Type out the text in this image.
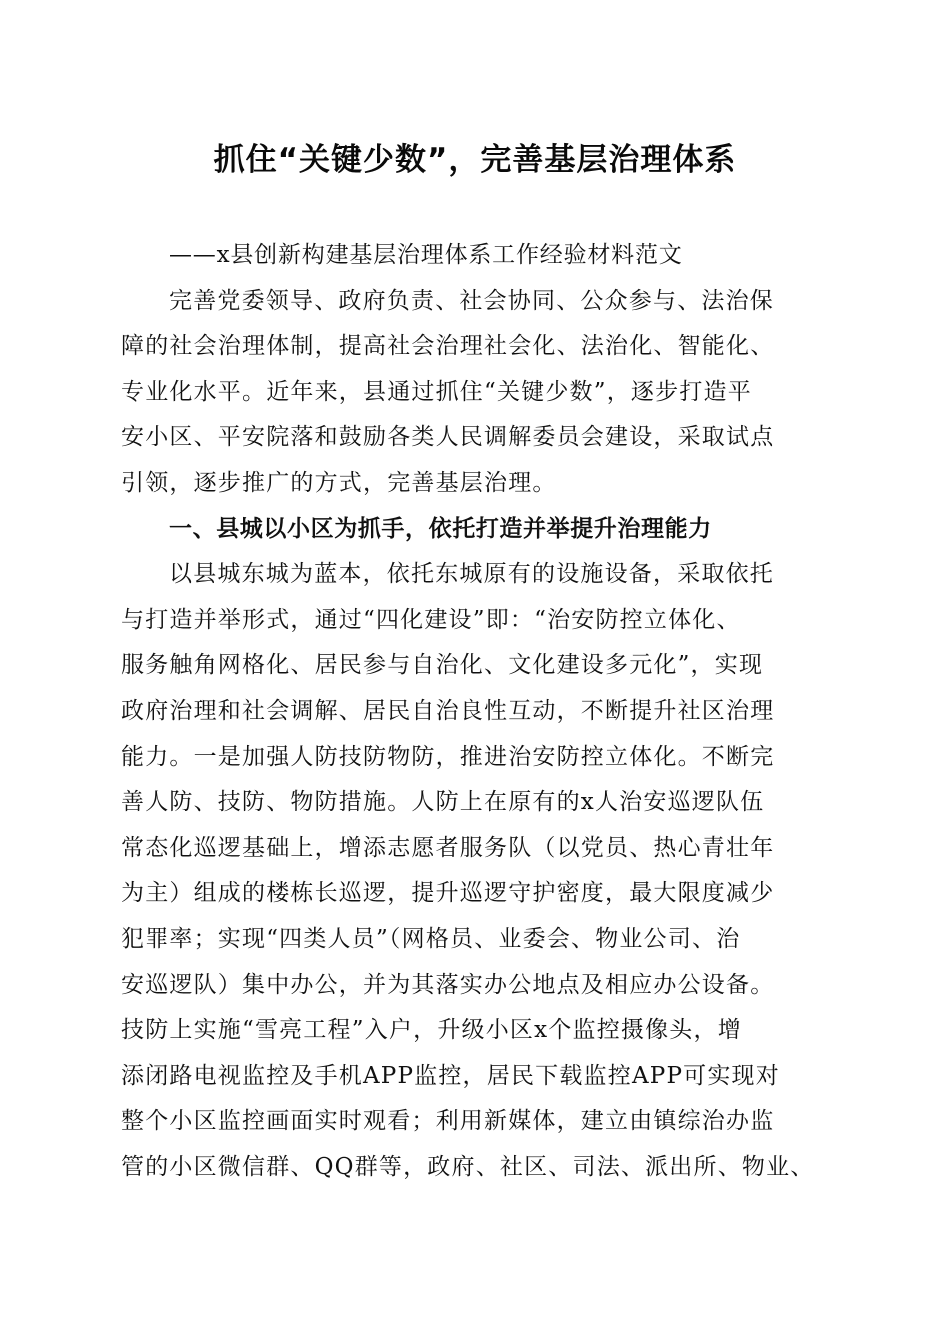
抓住“关键少数”，完善基层治理体系
——x县创新构建基层治理体系工作经验材料范文
完善党委领导、政府负责、社会协同、公众参与、法治保
障的社会治理体制，提高社会治理社会化、法治化、智能化、
专业化水平。近年来，县通过抓住“关键少数”，逐步打造平
安小区、平安院落和鼓励各类人民调解委员会建设，采取试点
引领，逐步推广的方式，完善基层治理。
一、县城以小区为抓手，依托打造并举提升治理能力
以县城东城为蓝本，依托东城原有的设施设备，采取依托
与打造并举形式，通过“四化建设”即：“治安防控立体化、
服务触角网格化、居民参与自治化、文化建设多元化”，实现
政府治理和社会调解、居民自治良性互动，不断提升社区治理
能力。一是加强人防技防物防，推进治安防控立体化。不断完
善人防、技防、物防措施。人防上在原有的x人治安巡逻队伍
常态化巡逻基础上，增添志愿者服务队（以党员、热心青壮年
为主）组成的楼栋长巡逻，提升巡逻守护密度，最大限度减少
犯罪率；实现“四类人员”（网格员、业委会、物业公司、治
安巡逻队）集中办公，并为其落实办公地点及相应办公设备。
技防上实施“雪亮工程”入户，升级小区x个监控摄像头，增
添闭路电视监控及手机APP监控，居民下载监控APP可实现对
整个小区监控画面实时观看；利用新媒体，建立由镇综治办监
管的小区微信群、QQ群等，政府、社区、司法、派出所、物业、
